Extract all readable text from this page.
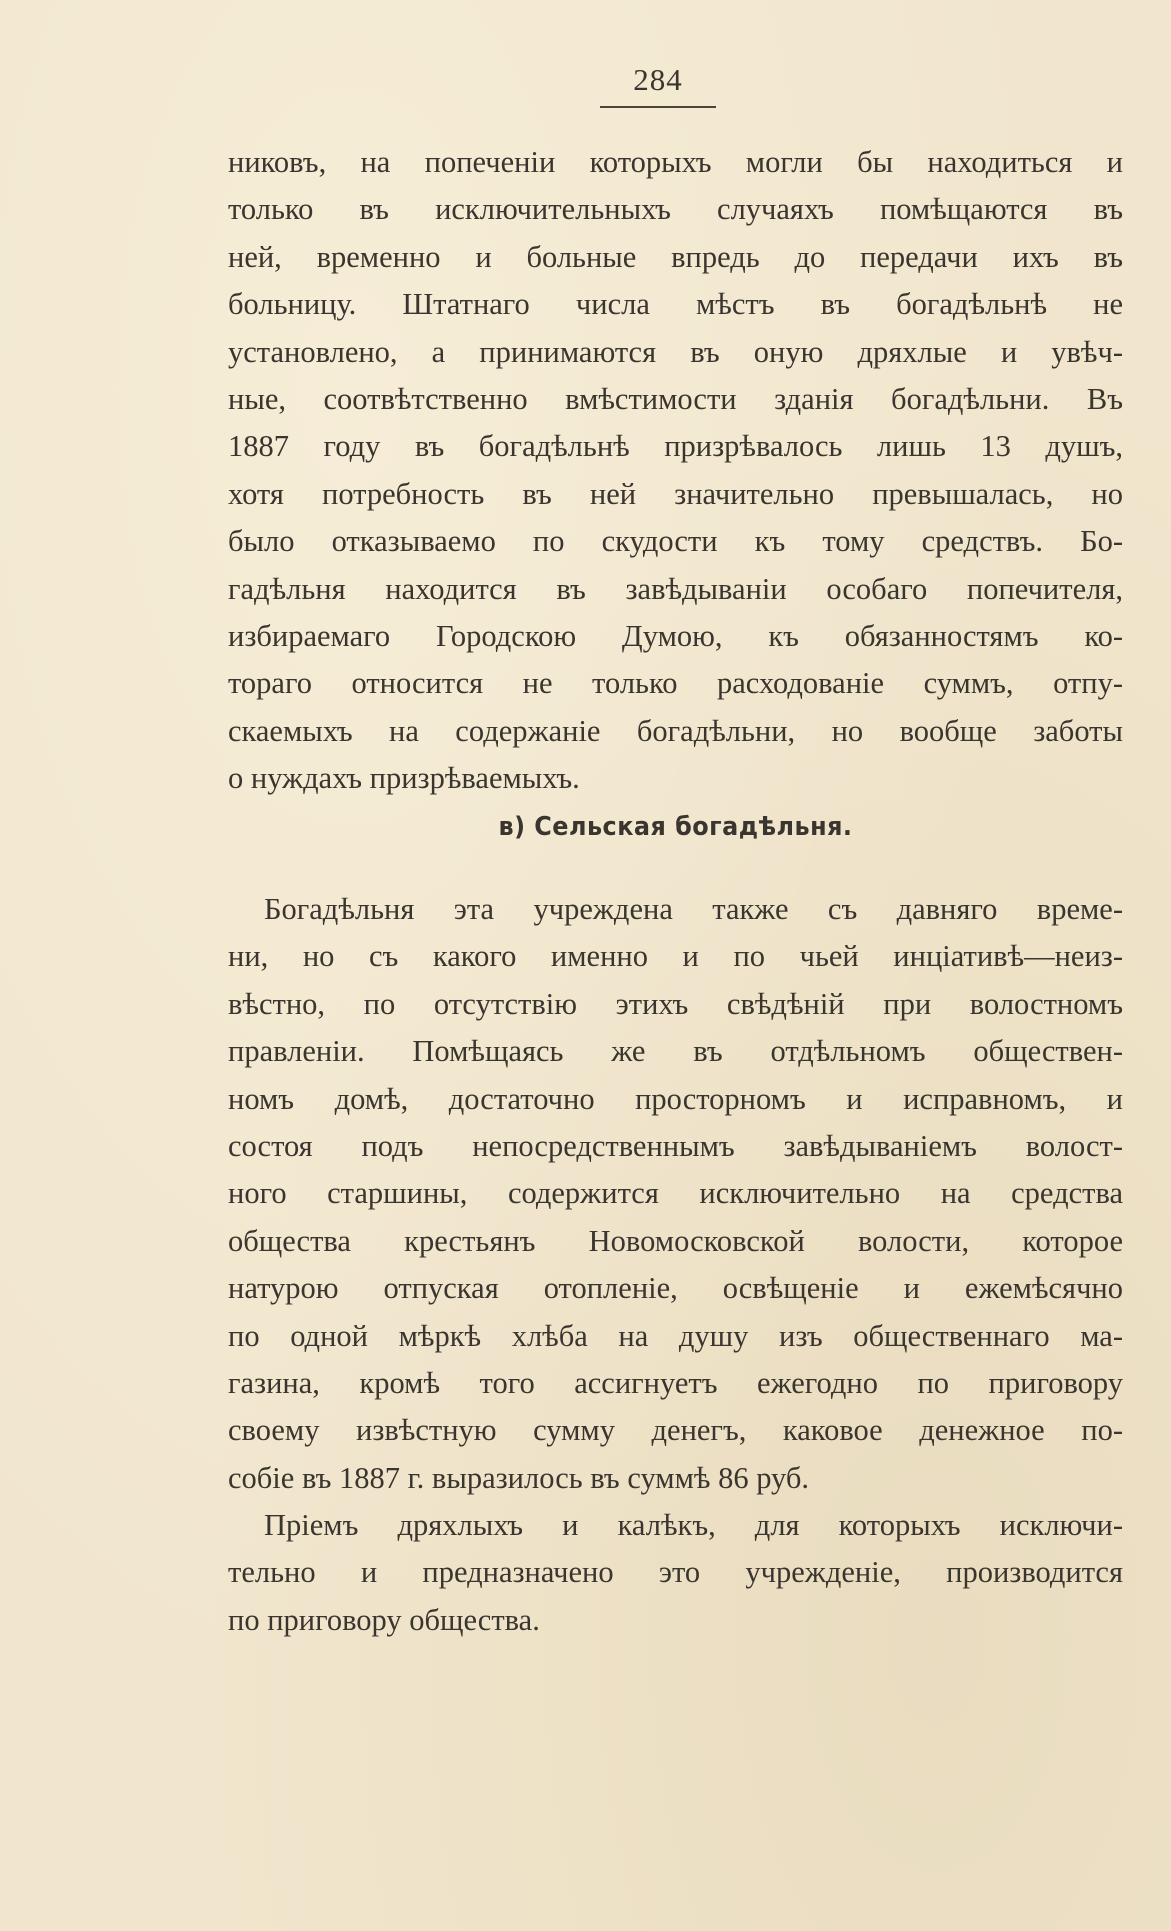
284
никовъ, на попеченіи которыхъ могли бы находиться и
только въ исключительныхъ случаяхъ помѣщаются въ
ней, временно и больные впредь до передачи ихъ въ
больницу. Штатнаго числа мѣстъ въ богадѣльнѣ не
установлено, а принимаются въ оную дряхлые и увѣч-
ные, соотвѣтственно вмѣстимости зданія богадѣльни. Въ
1887 году въ богадѣльнѣ призрѣвалось лишь 13 душъ,
хотя потребность въ ней значительно превышалась, но
было отказываемо по скудости къ тому средствъ. Бо-
гадѣльня находится въ завѣдываніи особаго попечителя,
избираемаго Городскою Думою, къ обязанностямъ ко-
тораго относится не только расходованіе суммъ, отпу-
скаемыхъ на содержаніе богадѣльни, но вообще заботы
о нуждахъ призрѣваемыхъ.
в) Сельская богадѣльня.
Богадѣльня эта учреждена также съ давняго време-
ни, но съ какого именно и по чьей инціативѣ—неиз-
вѣстно, по отсутствію этихъ свѣдѣній при волостномъ
правленіи. Помѣщаясь же въ отдѣльномъ обществен-
номъ домѣ, достаточно просторномъ и исправномъ, и
состоя подъ непосредственнымъ завѣдываніемъ волост-
ного старшины, содержится исключительно на средства
общества крестьянъ Новомосковской волости, которое
натурою отпуская отопленіе, освѣщеніе и ежемѣсячно
по одной мѣркѣ хлѣба на душу изъ общественнаго ма-
газина, кромѣ того ассигнуетъ ежегодно по приговору
своему извѣстную сумму денегъ, каковое денежное по-
собіе въ 1887 г. выразилось въ суммѣ 86 руб.
Пріемъ дряхлыхъ и калѣкъ, для которыхъ исключи-
тельно и предназначено это учрежденіе, производится
по приговору общества.
